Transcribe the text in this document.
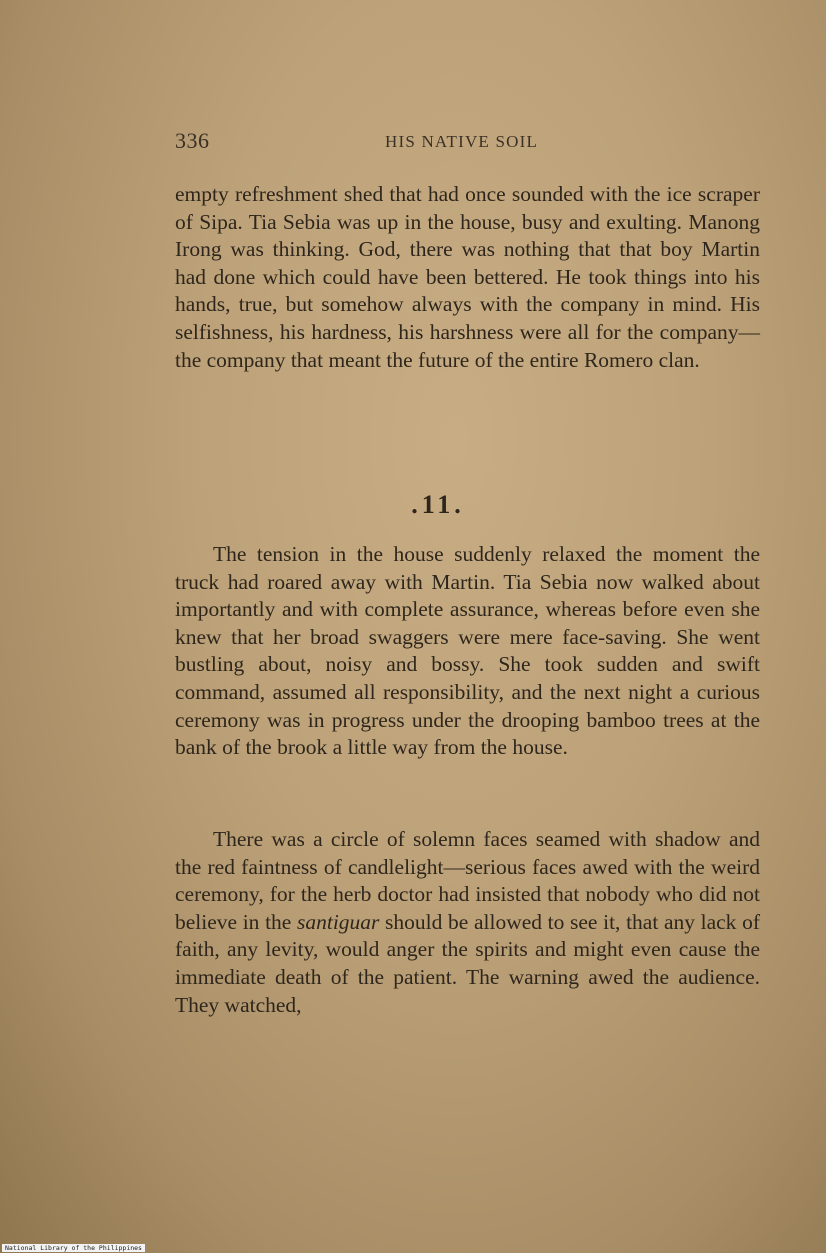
336	HIS NATIVE SOIL

empty refreshment shed that had once sounded with the ice scraper of Sipa. Tia Sebia was up in the house, busy and exulting. Manong Irong was thinking. God, there was nothing that that boy Martin had done which could have been bettered. He took things into his hands, true, but somehow always with the company in mind. His selfishness, his hardness, his harshness were all for the company—the company that meant the future of the entire Romero clan.

.11.

The tension in the house suddenly relaxed the moment the truck had roared away with Martin. Tia Sebia now walked about importantly and with complete assurance, whereas before even she knew that her broad swaggers were mere face-saving. She went bustling about, noisy and bossy. She took sudden and swift command, assumed all responsibility, and the next night a curious ceremony was in progress under the drooping bamboo trees at the bank of the brook a little way from the house.

There was a circle of solemn faces seamed with shadow and the red faintness of candlelight—serious faces awed with the weird ceremony, for the herb doctor had insisted that nobody who did not believe in the santiguar should be allowed to see it, that any lack of faith, any levity, would anger the spirits and might even cause the immediate death of the patient. The warning awed the audience. They watched,

National Library of the Philippines
